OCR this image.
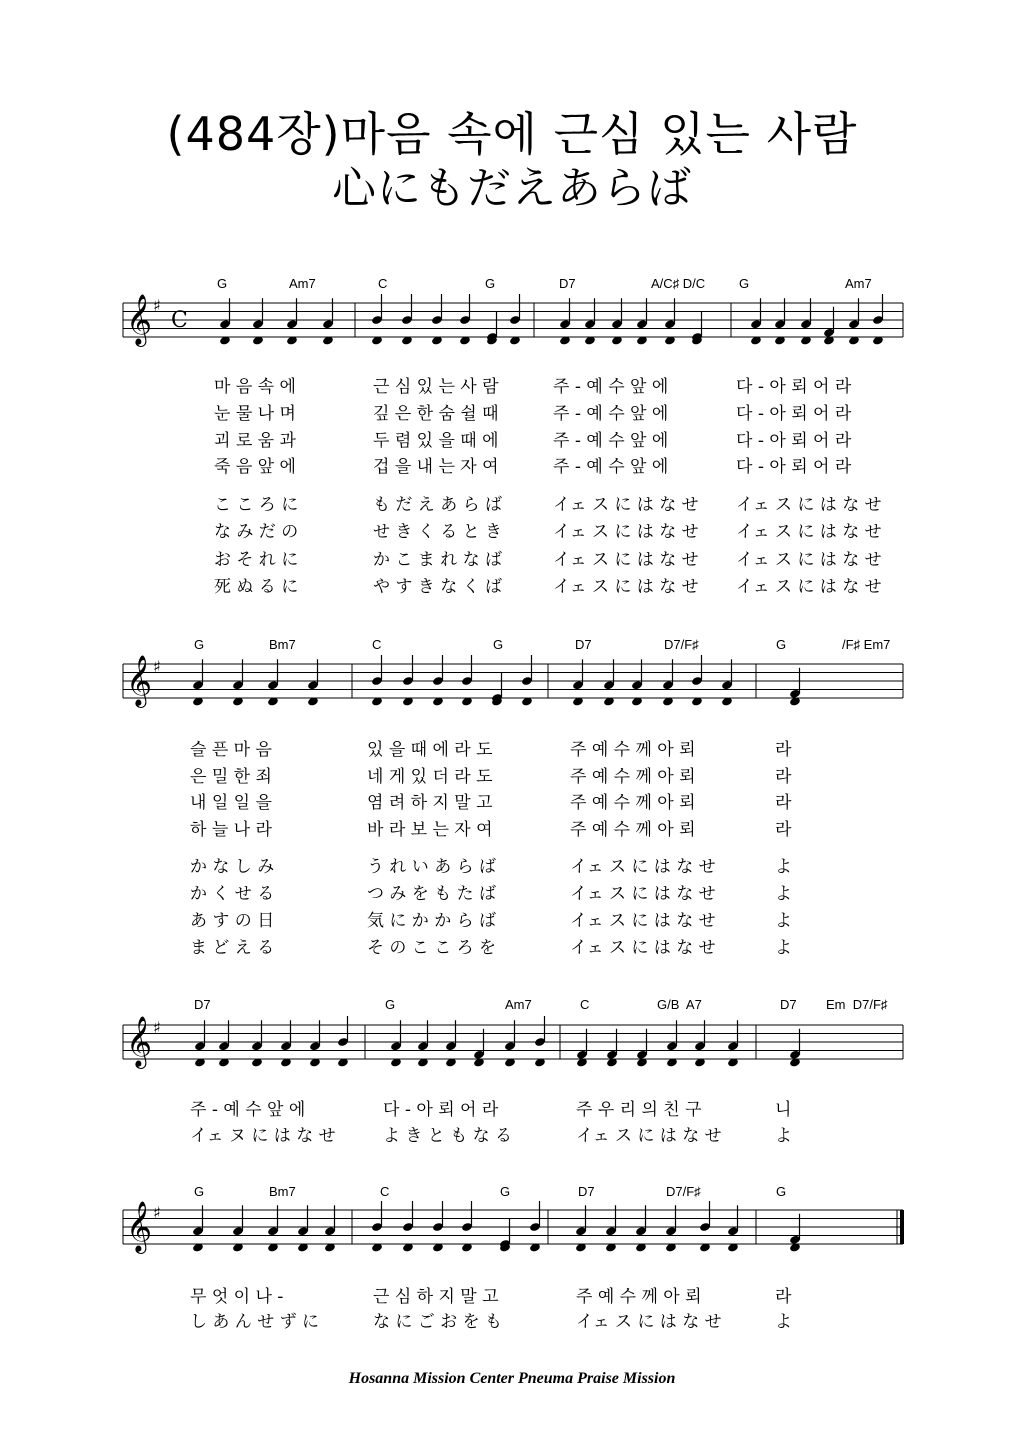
(484장)마음 속에 근심 있는 사람
心にもだえあらば
𝄞 ♯
C
𝄞 ♯
𝄞 ♯
𝄞 ♯
G	Am7	C	G	D7	A/C♯ D/C	G	Am7
마 음 속 에	근 심 있 는 사 람	주 - 예 수 앞 에	다 - 아 뢰 어 라
눈 물 나 며	깊 은 한 숨 쉴 때	주 - 예 수 앞 에	다 - 아 뢰 어 라
괴 로 움 과	두 렴 있 을 때 에	주 - 예 수 앞 에	다 - 아 뢰 어 라
죽 음 앞 에	겁 을 내 는 자 여	주 - 예 수 앞 에	다 - 아 뢰 어 라
こ こ ろ に	も だ え あ ら ば	イェ ス に は な せ イェ ス に は な せ
な み だ の	せ き く る と き	イェ ス に は な せ イェ ス に は な せ
お そ れ に	か こ ま れ な ば	イェ ス に は な せ イェ ス に は な せ
死 ぬ る に	や す き な く ば	イェ ス に は な せ イェ ス に は な せ
G	Bm7	C	G	D7	D7/F♯	G	/F♯ Em7
슬 픈 마 음	있 을 때 에 라 도	주 예 수 께 아 뢰	라
은 밀 한 죄	네 게 있 더 라 도	주 예 수 께 아 뢰	라
내 일 일 을	염 려 하 지 말 고	주 예 수 께 아 뢰	라
하 늘 나 라	바 라 보 는 자 여	주 예 수 께 아 뢰	라
か な し み	う れ い あ ら ば	イェ ス に は な せ	よ
か く せ る	つ み を も た ば	イェ ス に は な せ	よ
あ す の 日	気 に か か ら ば	イェ ス に は な せ	よ
ま ど え る	そ の こ こ ろ を	イェ ス に は な せ	よ
D7	G	Am7	C	G/B  A7	D7 Em  D7/F♯
주 - 예 수 앞 에	다 - 아 뢰 어 라	주 우 리 의 친 구	니
イェ ヌ に は な せ	よ き と も な る	イェ ス に は な せ	よ
G	Bm7	C	G	D7	D7/F♯	G
무 엇 이 나 -	근 심 하 지 말 고	주 예 수 께 아 뢰	라
し あ ん せ ず に	な に ご お を も	イェ ス に は な せ	よ
Hosanna Mission Center Pneuma Praise Mission
